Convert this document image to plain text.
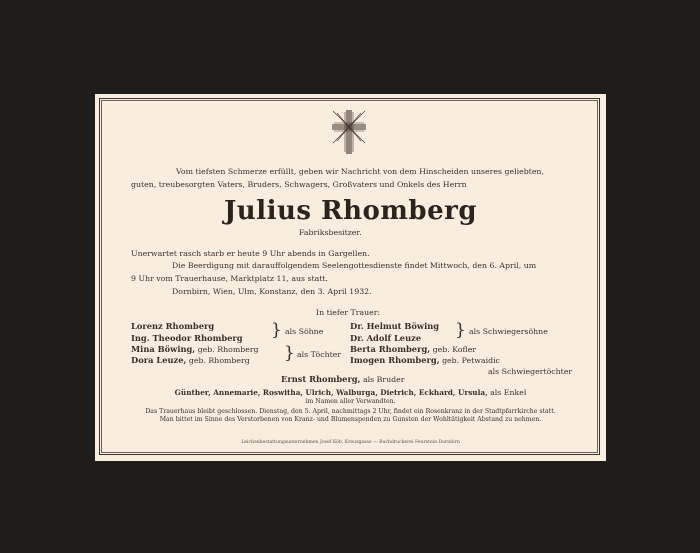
Vom tiefsten Schmerze erfüllt, geben wir Nachricht von dem Hinscheiden unseres geliebten,
guten, treubesorgten Vaters, Bruders, Schwagers, Großvaters und Onkels des Herrn
Julius Rhomberg
Fabriksbesitzer.
Unerwartet rasch starb er heute 9 Uhr abends in Gargellen.
Die Beerdigung mit darauffolgendem Seelengottesdienste findet Mittwoch, den 6. April, um
9 Uhr vom Trauerhause, Marktplatz 11, aus statt.
Dornbirn, Wien, Ulm, Konstanz, den 3. April 1932.
In tiefer Trauer:
Lorenz Rhomberg
Ing. Theodor Rhomberg } als Söhne
Dr. Helmut Böwing
Dr. Adolf Leuze } als Schwiegersöhne
Mina Böwing, geb. Rhomberg
Dora Leuze, geb. Rhomberg } als Töchter
Berta Rhomberg, geb. Kofler
Imogen Rhomberg, geb. Petwaidic
als Schwiegertöchter
Ernst Rhomberg, als Bruder
Günther, Annemarie, Roswitha, Ulrich, Walburga, Dietrich, Eckhard, Ursula, als Enkel
im Namen aller Verwandten.
Das Trauerhaus bleibt geschlossen. Dienstag, den 5. April, nachmittags 2 Uhr, findet ein Rosenkranz in der Stadtpfarrkirche statt.
Man bittet im Sinne des Verstorbenen von Kranz- und Blumenspenden zu Gunsten der Wohltätigkeit Abstand zu nehmen.
Leichenbestattungsunternehmen Josef Köb, Kreuzgasse — Buchdruckerei Feurstein Dornbirn
